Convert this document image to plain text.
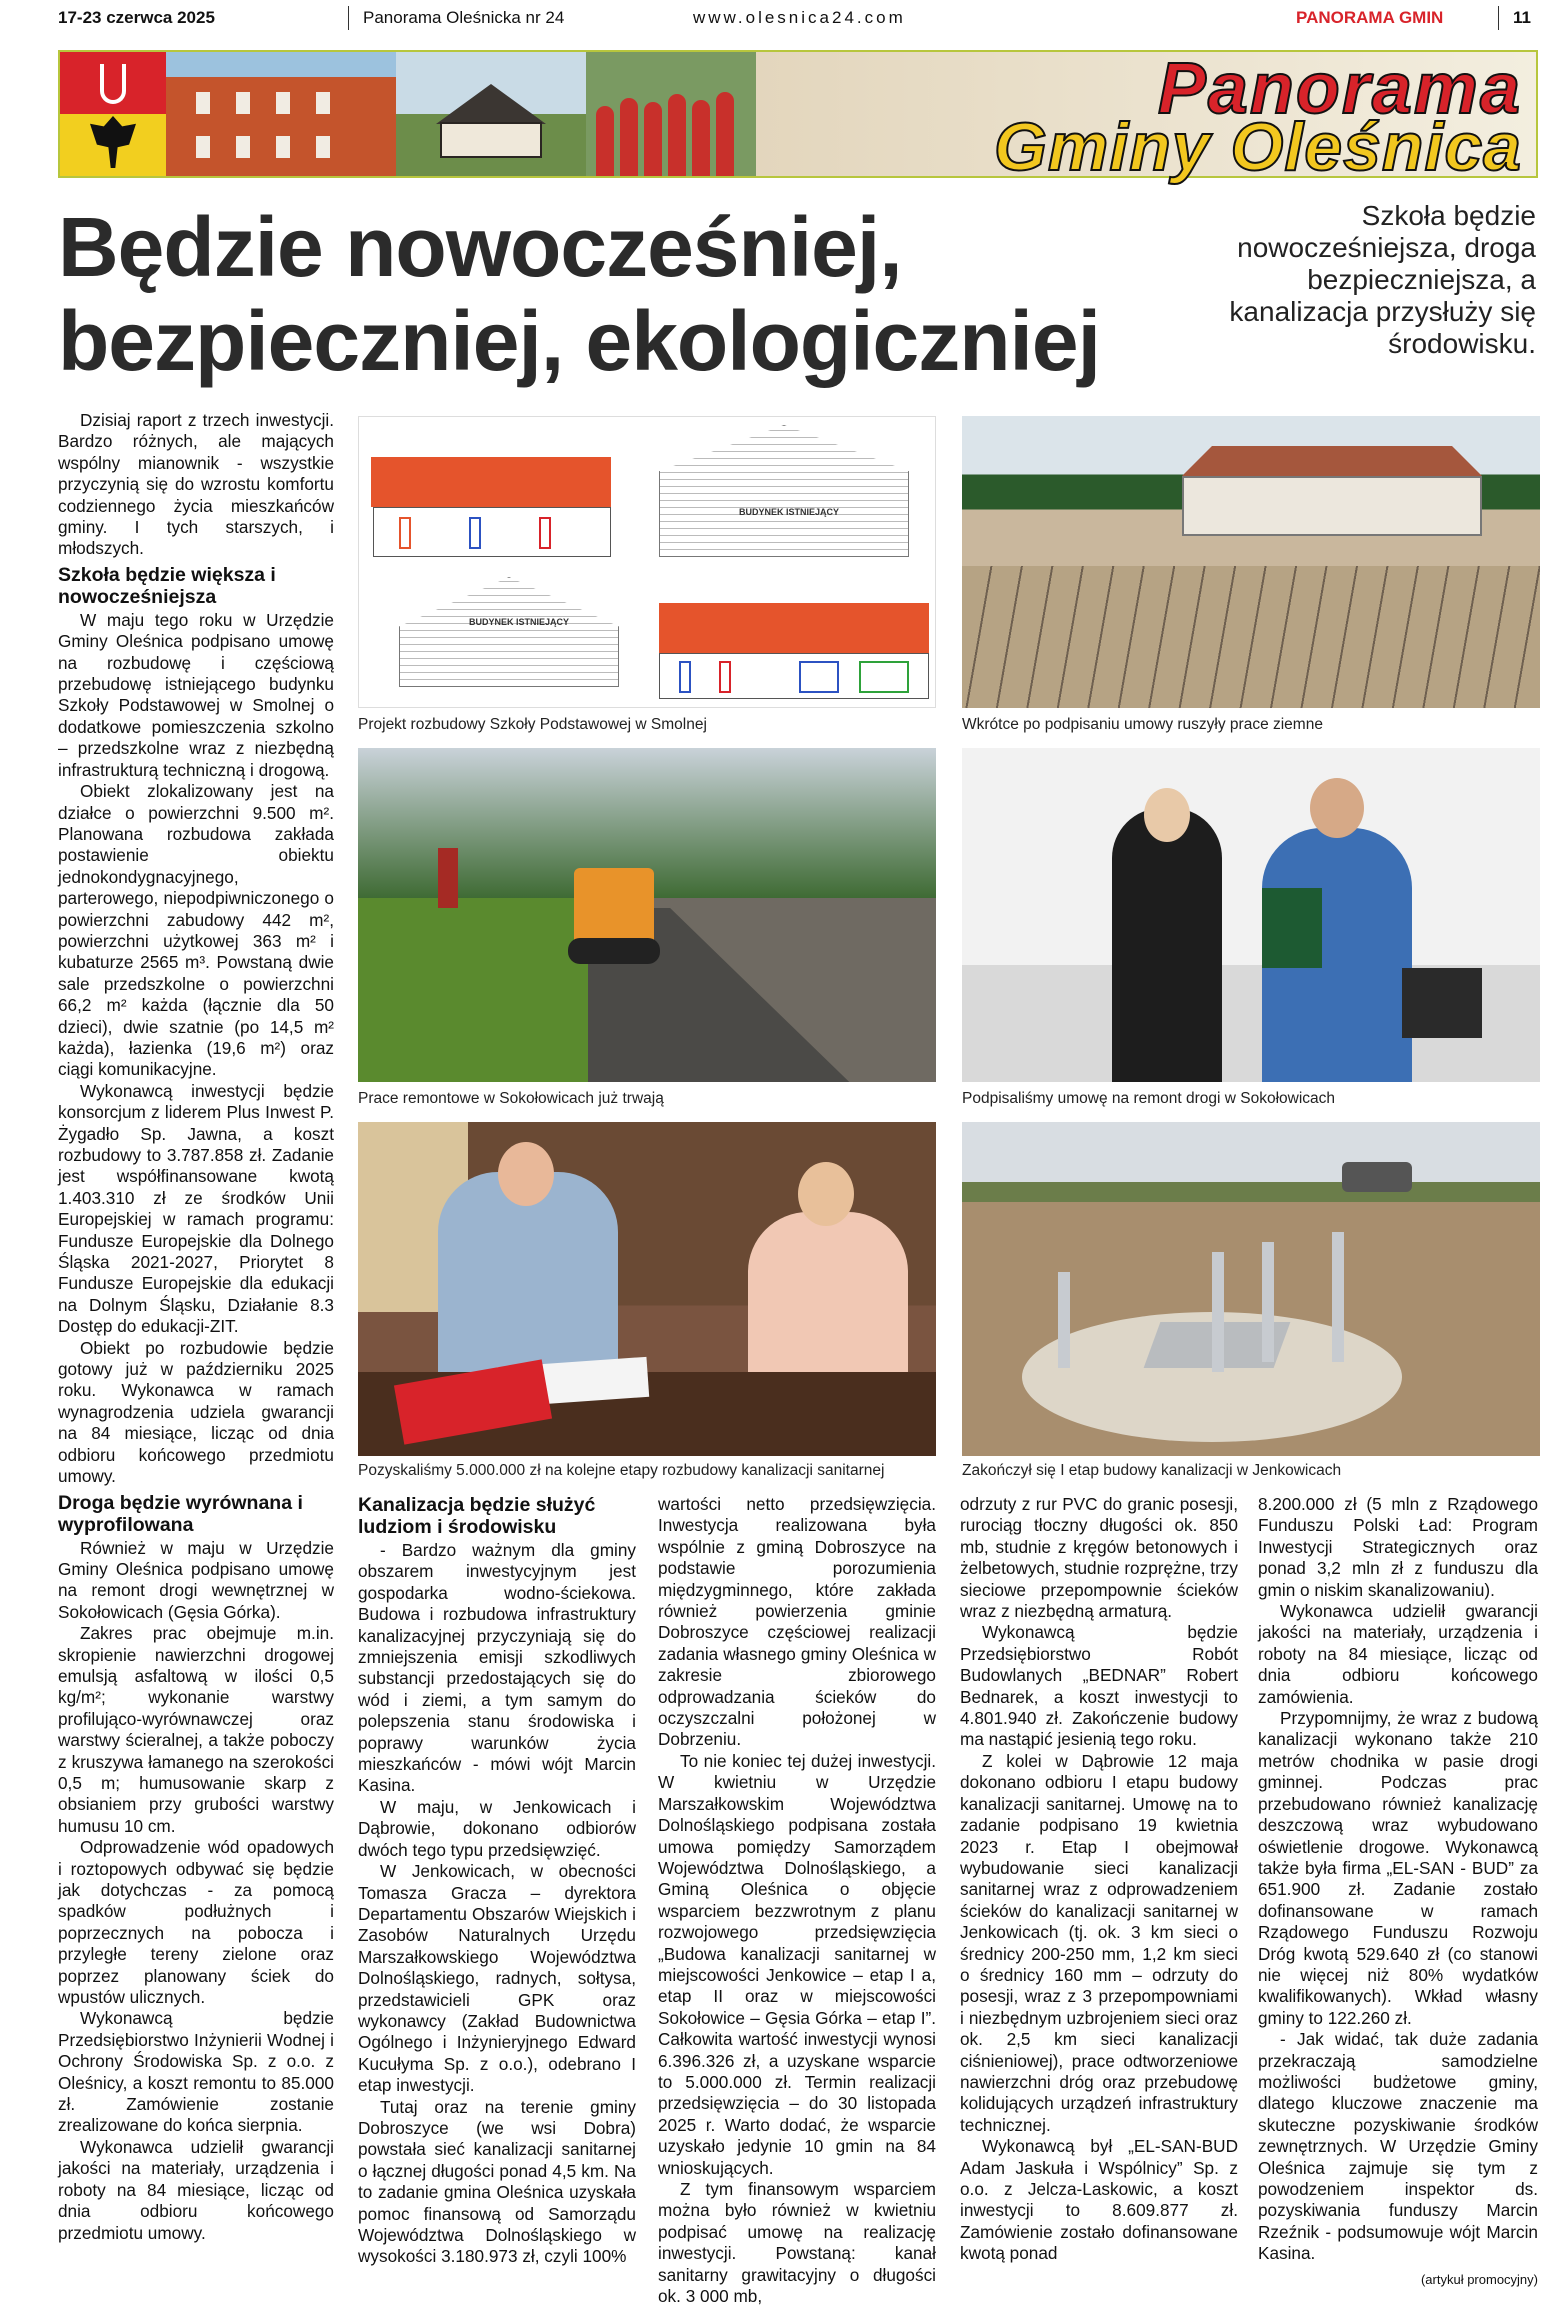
17-23 czerwca 2025	Panorama Oleśnicka nr 24	www.olesnica24.com	PANORAMA GMIN	11
Panorama
Gminy Oleśnica
Będzie nowocześniej,
bezpieczniej, ekologiczniej
Szkoła będzie nowocześniejsza, droga bezpieczniejsza, a kanalizacja przysłuży się środowisku.

Dzisiaj raport z trzech inwestycji. Bardzo różnych, ale mających wspólny mianownik - wszystkie przyczynią się do wzrostu komfortu codziennego życia mieszkańców gminy. I tych starszych, i młodszych.

Szkoła będzie większa i nowocześniejsza

W maju tego roku w Urzędzie Gminy Oleśnica podpisano umowę na rozbudowę i częściową przebudowę istniejącego budynku Szkoły Podstawowej w Smolnej o dodatkowe pomieszczenia szkolno – przedszkolne wraz z niezbędną infrastrukturą techniczną i drogową.

Obiekt zlokalizowany jest na działce o powierzchni 9.500 m². Planowana rozbudowa zakłada postawienie obiektu jednokondygnacyjnego, parterowego, niepodpiwniczonego o powierzchni zabudowy 442 m², powierzchni użytkowej 363 m² i kubaturze 2565 m³. Powstaną dwie sale przedszkolne o powierzchni 66,2 m² każda (łącznie dla 50 dzieci), dwie szatnie (po 14,5 m² każda), łazienka (19,6 m²) oraz ciągi komunikacyjne.

Wykonawcą inwestycji będzie konsorcjum z liderem Plus Inwest P. Żygadło Sp. Jawna, a koszt rozbudowy to 3.787.858 zł. Zadanie jest współfinansowane kwotą 1.403.310 zł ze środków Unii Europejskiej w ramach programu: Fundusze Europejskie dla Dolnego Śląska 2021-2027, Priorytet 8 Fundusze Europejskie dla edukacji na Dolnym Śląsku, Działanie 8.3 Dostęp do edukacji-ZIT.

Obiekt po rozbudowie będzie gotowy już w październiku 2025 roku. Wykonawca w ramach wynagrodzenia udziela gwarancji na 84 miesiące, licząc od dnia odbioru końcowego przedmiotu umowy.

Droga będzie wyrównana i wyprofilowana

Również w maju w Urzędzie Gminy Oleśnica podpisano umowę na remont drogi wewnętrznej w Sokołowicach (Gęsia Górka).

Zakres prac obejmuje m.in. skropienie nawierzchni drogowej emulsją asfaltową w ilości 0,5 kg/m²; wykonanie warstwy profilująco-wyrównawczej oraz warstwy ścieralnej, a także poboczy z kruszywa łamanego na szerokości 0,5 m; humusowanie skarp z obsianiem przy grubości warstwy humusu 10 cm.

Odprowadzenie wód opadowych i roztopowych odbywać się będzie jak dotychczas - za pomocą spadków podłużnych i poprzecznych na pobocza i przyległe tereny zielone oraz poprzez planowany ściek do wpustów ulicznych.

Wykonawcą będzie Przedsiębiorstwo Inżynierii Wodnej i Ochrony Środowiska Sp. z o.o. z Oleśnicy, a koszt remontu to 85.000 zł. Zamówienie zostanie zrealizowane do końca sierpnia.

Wykonawca udzielił gwarancji jakości na materiały, urządzenia i roboty na 84 miesiące, licząc od dnia odbioru końcowego przedmiotu umowy.

BUDYNEK ISTNIEJĄCY
BUDYNEK ISTNIEJĄCY
Projekt rozbudowy Szkoły Podstawowej w Smolnej	Wkrótce po podpisaniu umowy ruszyły prace ziemne
Prace remontowe w Sokołowicach już trwają	Podpisaliśmy umowę na remont drogi w Sokołowicach
Pozyskaliśmy 5.000.000 zł na kolejne etapy rozbudowy kanalizacji sanitarnej	Zakończył się I etap budowy kanalizacji w Jenkowicach
Kanalizacja będzie służyć ludziom i środowisku

- Bardzo ważnym dla gminy obszarem inwestycyjnym jest gospodarka wodno-ściekowa. Budowa i rozbudowa infrastruktury kanalizacyjnej przyczyniają się do zmniejszenia emisji szkodliwych substancji przedostających się do wód i ziemi, a tym samym do polepszenia stanu środowiska i poprawy warunków życia mieszkańców - mówi wójt Marcin Kasina.

W maju, w Jenkowicach i Dąbrowie, dokonano odbiorów dwóch tego typu przedsięwzięć.

W Jenkowicach, w obecności Tomasza Gracza – dyrektora Departamentu Obszarów Wiejskich i Zasobów Naturalnych Urzędu Marszałkowskiego Województwa Dolnośląskiego, radnych, sołtysa, przedstawicieli GPK oraz wykonawcy (Zakład Budownictwa Ogólnego i Inżynieryjnego Edward Kucułyma Sp. z o.o.), odebrano I etap inwestycji.

Tutaj oraz na terenie gminy Dobroszyce (we wsi Dobra) powstała sieć kanalizacji sanitarnej o łącznej długości ponad 4,5 km. Na to zadanie gmina Oleśnica uzyskała pomoc finansową od Samorządu Województwa Dolnośląskiego w wysokości 3.180.973 zł, czyli 100%

wartości netto przedsięwzięcia. Inwestycja realizowana była wspólnie z gminą Dobroszyce na podstawie porozumienia międzygminnego, które zakłada również powierzenia gminie Dobroszyce częściowej realizacji zadania własnego gminy Oleśnica w zakresie zbiorowego odprowadzania ścieków do oczyszczalni położonej w Dobrzeniu.

To nie koniec tej dużej inwestycji. W kwietniu w Urzędzie Marszałkowskim Województwa Dolnośląskiego podpisana została umowa pomiędzy Samorządem Województwa Dolnośląskiego, a Gminą Oleśnica o objęcie wsparciem bezzwrotnym z planu rozwojowego przedsięwzięcia „Budowa kanalizacji sanitarnej w miejscowości Jenkowice – etap I a, etap II oraz w miejscowości Sokołowice – Gęsia Górka – etap I”. Całkowita wartość inwestycji wynosi 6.396.326 zł, a uzyskane wsparcie to 5.000.000 zł. Termin realizacji przedsięwzięcia – do 30 listopada 2025 r. Warto dodać, że wsparcie uzyskało jedynie 10 gmin na 84 wnioskujących.

Z tym finansowym wsparciem można było również w kwietniu podpisać umowę na realizację inwestycji. Powstaną: kanał sanitarny grawitacyjny o długości ok. 3 000 mb,

odrzuty z rur PVC do granic posesji, rurociąg tłoczny długości ok. 850 mb, studnie z kręgów betonowych i żelbetowych, studnie rozprężne, trzy sieciowe przepompownie ścieków wraz z niezbędną armaturą.

Wykonawcą będzie Przedsiębiorstwo Robót Budowlanych „BEDNAR” Robert Bednarek, a koszt inwestycji to 4.801.940 zł. Zakończenie budowy ma nastąpić jesienią tego roku.

Z kolei w Dąbrowie 12 maja dokonano odbioru I etapu budowy kanalizacji sanitarnej. Umowę na to zadanie podpisano 19 kwietnia 2023 r. Etap I obejmował wybudowanie sieci kanalizacji sanitarnej wraz z odprowadzeniem ścieków do kanalizacji sanitarnej w Jenkowicach (tj. ok. 3 km sieci o średnicy 200-250 mm, 1,2 km sieci o średnicy 160 mm – odrzuty do posesji, wraz z 3 przepompowniami i niezbędnym uzbrojeniem sieci oraz ok. 2,5 km sieci kanalizacji ciśnieniowej), prace odtworzeniowe nawierzchni dróg oraz przebudowę kolidujących urządzeń infrastruktury technicznej.

Wykonawcą był „EL-SAN-BUD Adam Jaskuła i Wspólnicy” Sp. z o.o. z Jelcza-Laskowic, a koszt inwestycji to 8.609.877 zł. Zamówienie zostało dofinansowane kwotą ponad

8.200.000 zł (5 mln z Rządowego Funduszu Polski Ład: Program Inwestycji Strategicznych oraz ponad 3,2 mln zł z funduszu dla gmin o niskim skanalizowaniu).

Wykonawca udzielił gwarancji jakości na materiały, urządzenia i roboty na 84 miesiące, licząc od dnia odbioru końcowego zamówienia.

Przypomnijmy, że wraz z budową kanalizacji wykonano także 210 metrów chodnika w pasie drogi gminnej. Podczas prac przebudowano również kanalizację deszczową wraz wybudowano oświetlenie drogowe. Wykonawcą także była firma „EL-SAN - BUD” za 651.900 zł. Zadanie zostało dofinansowane w ramach Rządowego Funduszu Rozwoju Dróg kwotą 529.640 zł (co stanowi nie więcej niż 80% wydatków kwalifikowanych). Wkład własny gminy to 122.260 zł.

- Jak widać, tak duże zadania przekraczają samodzielne możliwości budżetowe gminy, dlatego kluczowe znaczenie ma skuteczne pozyskiwanie środków zewnętrznych. W Urzędzie Gminy Oleśnica zajmuje się tym z powodzeniem inspektor ds. pozyskiwania funduszy Marcin Rzeźnik - podsumowuje wójt Marcin Kasina.

(artykuł promocyjny)
